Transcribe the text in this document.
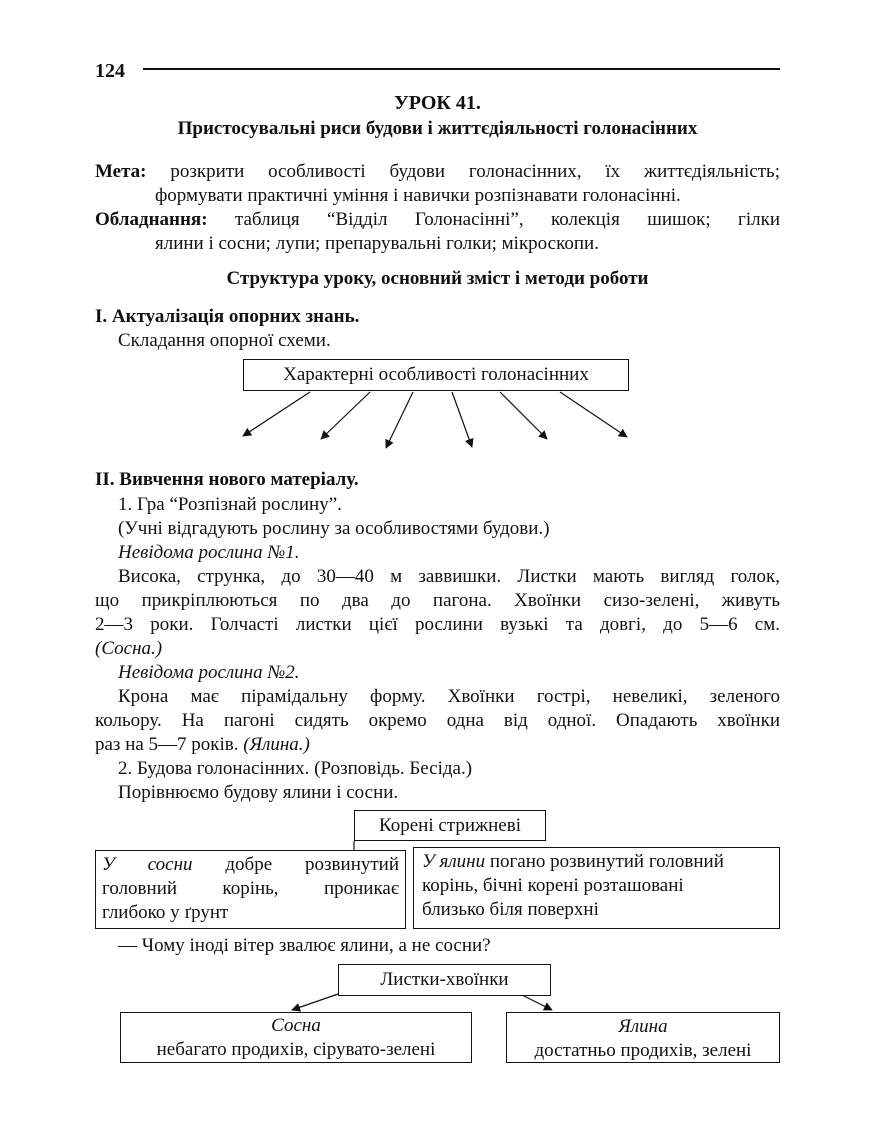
124
УРОК 41.
Пристосувальні риси будови і життєдіяльності голонасінних
Мета: розкрити особливості будови голонасінних, їх життєдіяльність;
формувати практичні уміння і навички розпізнавати голонасінні.
Обладнання: таблиця “Відділ Голонасінні”, колекція шишок; гілки
ялини і сосни; лупи; препарувальні голки; мікроскопи.
Структура уроку, основний зміст і методи роботи
I. Актуалізація опорних знань.
Складання опорної схеми.
Характерні особливості голонасінних
II. Вивчення нового матеріалу.
1. Гра “Розпізнай рослину”.
(Учні відгадують рослину за особливостями будови.)
Невідома рослина №1.
Висока, струнка, до 30—40 м заввишки. Листки мають вигляд голок,
що прикріплюються по два до пагона. Хвоїнки сизо-зелені, живуть
2—3 роки. Голчасті листки цієї рослини вузькі та довгі, до 5—6 см.
(Сосна.)
Невідома рослина №2.
Крона має пірамідальну форму. Хвоїнки гострі, невеликі, зеленого
кольору. На пагоні сидять окремо одна від одної. Опадають хвоїнки
раз на 5—7 років. (Ялина.)
2. Будова голонасінних. (Розповідь. Бесіда.)
Порівнюємо будову ялини і сосни.
Корені стрижневі
У сосни добре розвинутий
головний корінь, проникає
глибоко у ґрунт
У ялини погано розвинутий головний
корінь, бічні корені розташовані
близько біля поверхні
— Чому іноді вітер звалює ялини, а не сосни?
Листки-хвоїнки
Сосна
небагато продихів, сірувато-зелені
Ялина
достатньо продихів, зелені
